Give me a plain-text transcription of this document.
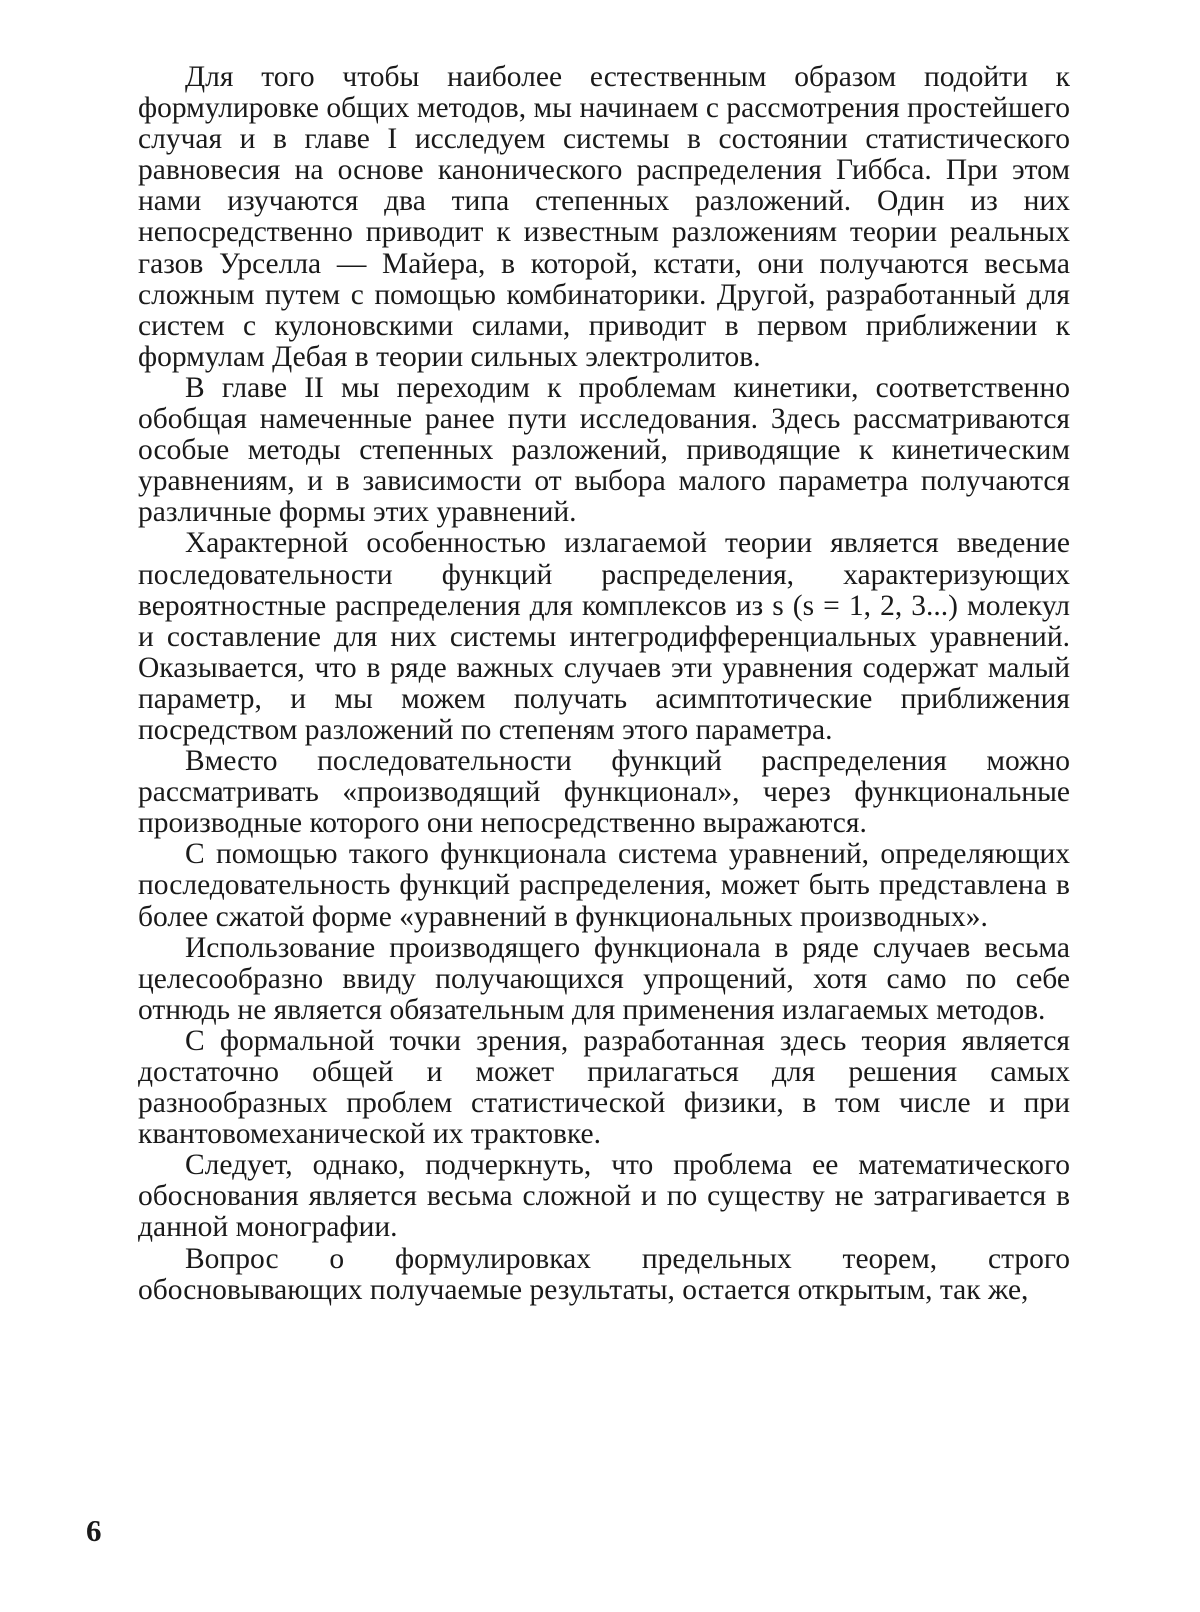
Для того чтобы наиболее естественным образом подойти к формулировке общих методов, мы начинаем с рассмотрения простейшего случая и в главе I исследуем системы в состоянии статистического равновесия на основе канонического распределения Гиббса. При этом нами изучаются два типа степенных разложений. Один из них непосредственно приводит к известным разложениям теории реальных газов Урселла — Майера, в которой, кстати, они получаются весьма сложным путем с помощью комбинаторики. Другой, разработанный для систем с кулоновскими силами, приводит в первом приближении к формулам Дебая в теории сильных электролитов.

В главе II мы переходим к проблемам кинетики, соответственно обобщая намеченные ранее пути исследования. Здесь рассматриваются особые методы степенных разложений, приводящие к кинетическим уравнениям, и в зависимости от выбора малого параметра получаются различные формы этих уравнений.

Характерной особенностью излагаемой теории является введение последовательности функций распределения, характеризующих вероятностные распределения для комплексов из s (s = 1, 2, 3...) молекул и составление для них системы интегродифференциальных уравнений. Оказывается, что в ряде важных случаев эти уравнения содержат малый параметр, и мы можем получать асимптотические приближения посредством разложений по степеням этого параметра.

Вместо последовательности функций распределения можно рассматривать «производящий функционал», через функциональные производные которого они непосредственно выражаются.

С помощью такого функционала система уравнений, определяющих последовательность функций распределения, может быть представлена в более сжатой форме «уравнений в функциональных производных».

Использование производящего функционала в ряде случаев весьма целесообразно ввиду получающихся упрощений, хотя само по себе отнюдь не является обязательным для применения излагаемых методов.

С формальной точки зрения, разработанная здесь теория является достаточно общей и может прилагаться для решения самых разнообразных проблем статистической физики, в том числе и при квантовомеханической их трактовке.

Следует, однако, подчеркнуть, что проблема ее математического обоснования является весьма сложной и по существу не затрагивается в данной монографии.

Вопрос о формулировках предельных теорем, строго обосновывающих получаемые результаты, остается открытым, так же,

6
